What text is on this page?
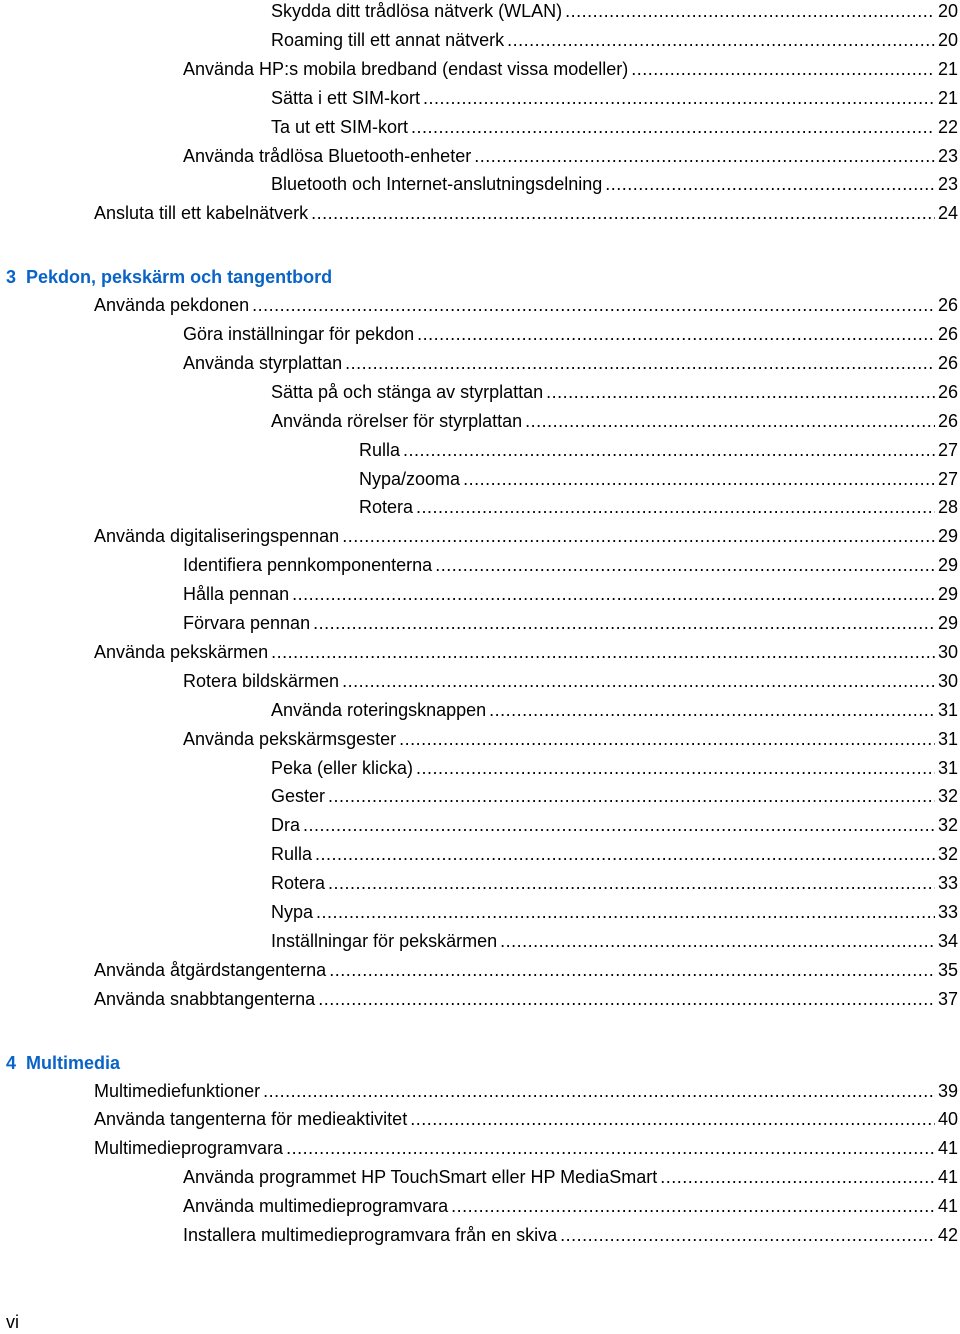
Skydda ditt trådlösa nätverk (WLAN) .....	20
Roaming till ett annat nätverk .....	20
Använda HP:s mobila bredband (endast vissa modeller) .....	21
Sätta i ett SIM-kort .....	21
Ta ut ett SIM-kort .....	22
Använda trådlösa Bluetooth-enheter .....	23
Bluetooth och Internet-anslutningsdelning .....	23
Ansluta till ett kabelnätverk .....	24
3 Pekdon, pekskärm och tangentbord
Använda pekdonen .....	26
Göra inställningar för pekdon .....	26
Använda styrplattan .....	26
Sätta på och stänga av styrplattan .....	26
Använda rörelser för styrplattan .....	26
Rulla .....	27
Nypa/zooma .....	27
Rotera .....	28
Använda digitaliseringspennan .....	29
Identifiera pennkomponenterna .....	29
Hålla pennan .....	29
Förvara pennan .....	29
Använda pekskärmen .....	30
Rotera bildskärmen .....	30
Använda roteringsknappen .....	31
Använda pekskärmsgester .....	31
Peka (eller klicka) .....	31
Gester .....	32
Dra .....	32
Rulla .....	32
Rotera .....	33
Nypa .....	33
Inställningar för pekskärmen .....	34
Använda åtgärdstangenterna .....	35
Använda snabbtangenterna .....	37
4 Multimedia
Multimediefunktioner .....	39
Använda tangenterna för medieaktivitet .....	40
Multimedieprogramvara .....	41
Använda programmet HP TouchSmart eller HP MediaSmart .....	41
Använda multimedieprogramvara .....	41
Installera multimedieprogramvara från en skiva .....	42
vi
